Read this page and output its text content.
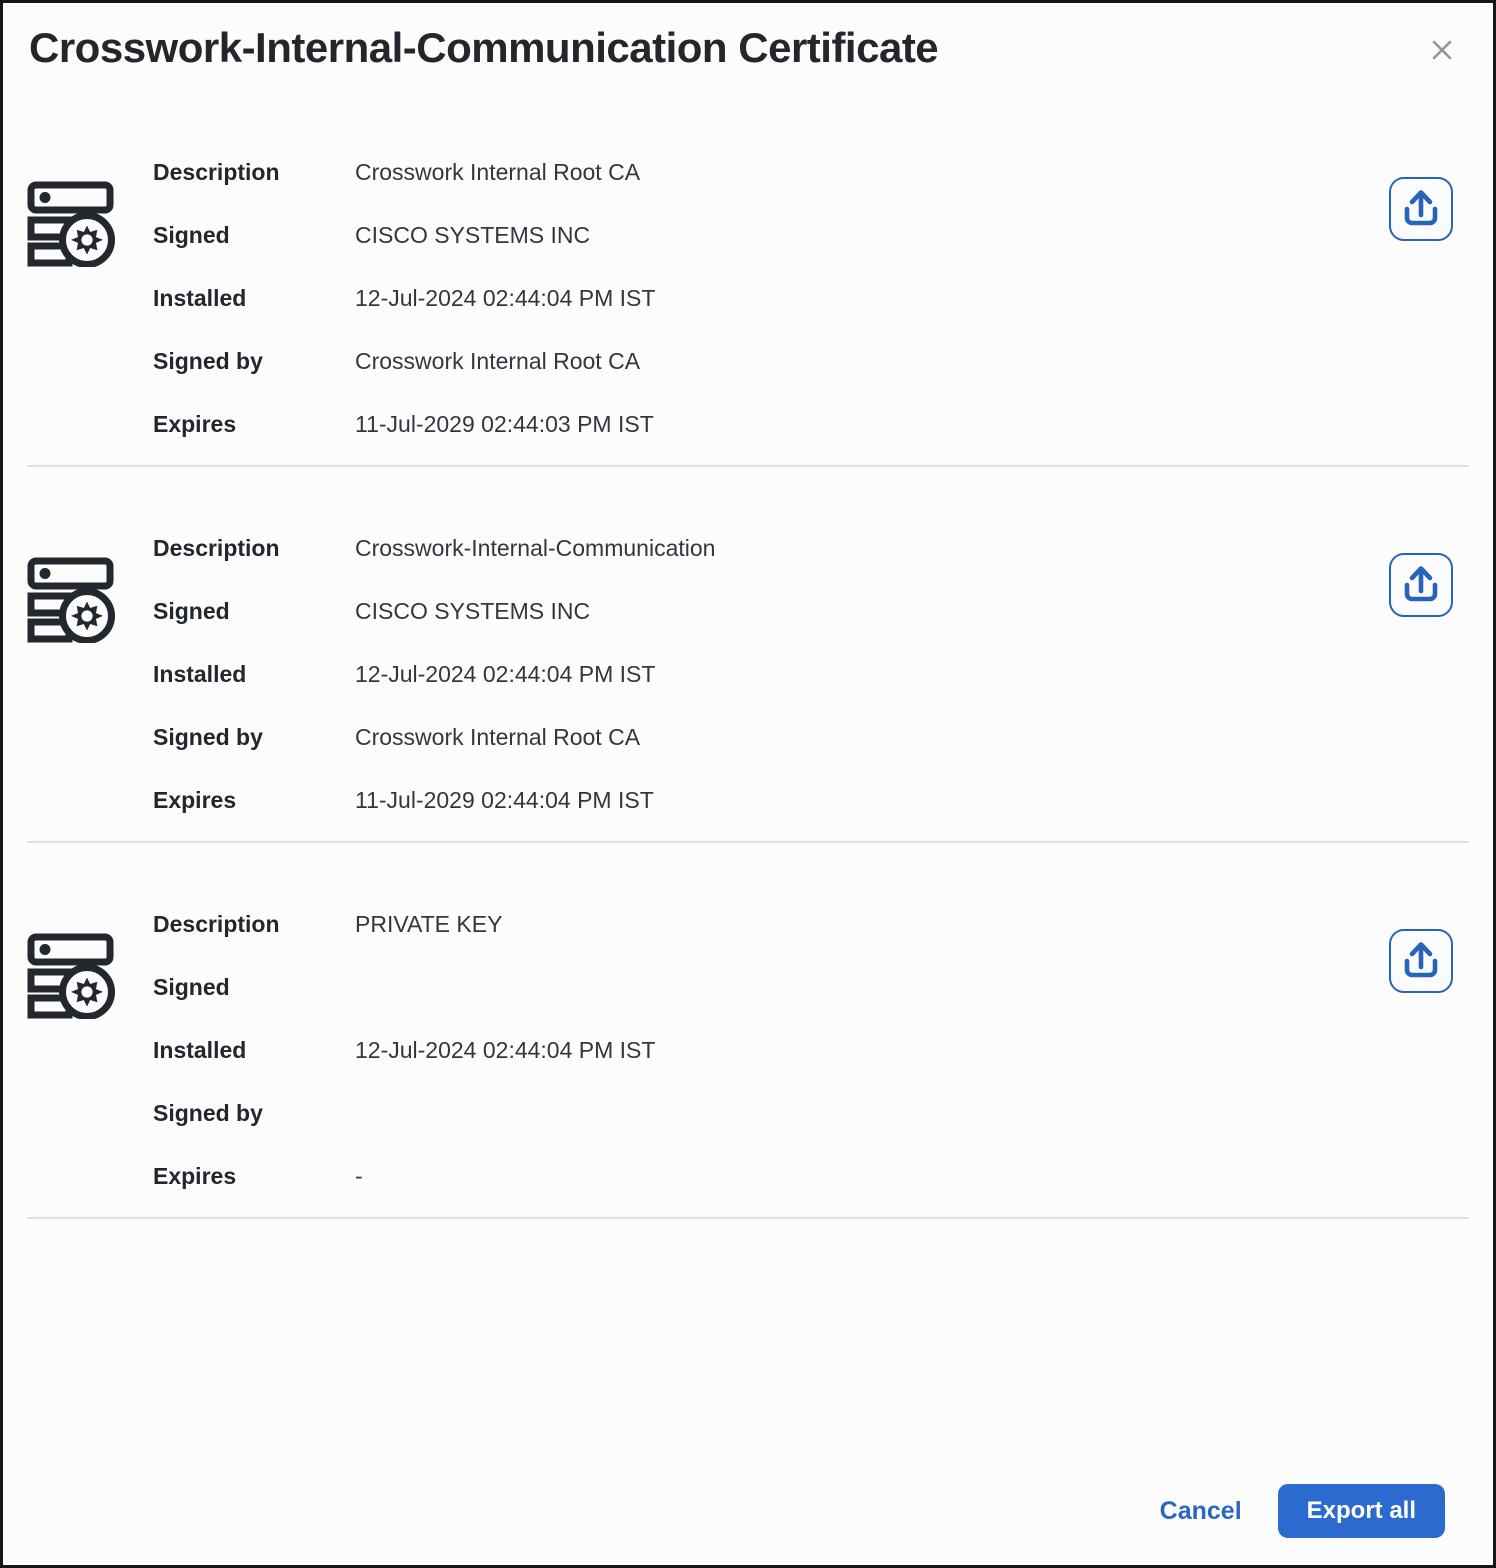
Crosswork-Internal-Communication Certificate
Description	Crosswork Internal Root CA
Signed	CISCO SYSTEMS INC
Installed	12-Jul-2024 02:44:04 PM IST
Signed by	Crosswork Internal Root CA
Expires	11-Jul-2029 02:44:03 PM IST
Description	Crosswork-Internal-Communication
Signed	CISCO SYSTEMS INC
Installed	12-Jul-2024 02:44:04 PM IST
Signed by	Crosswork Internal Root CA
Expires	11-Jul-2029 02:44:04 PM IST
Description	PRIVATE KEY
Signed
Installed	12-Jul-2024 02:44:04 PM IST
Signed by
Expires	-
Cancel	Export all
